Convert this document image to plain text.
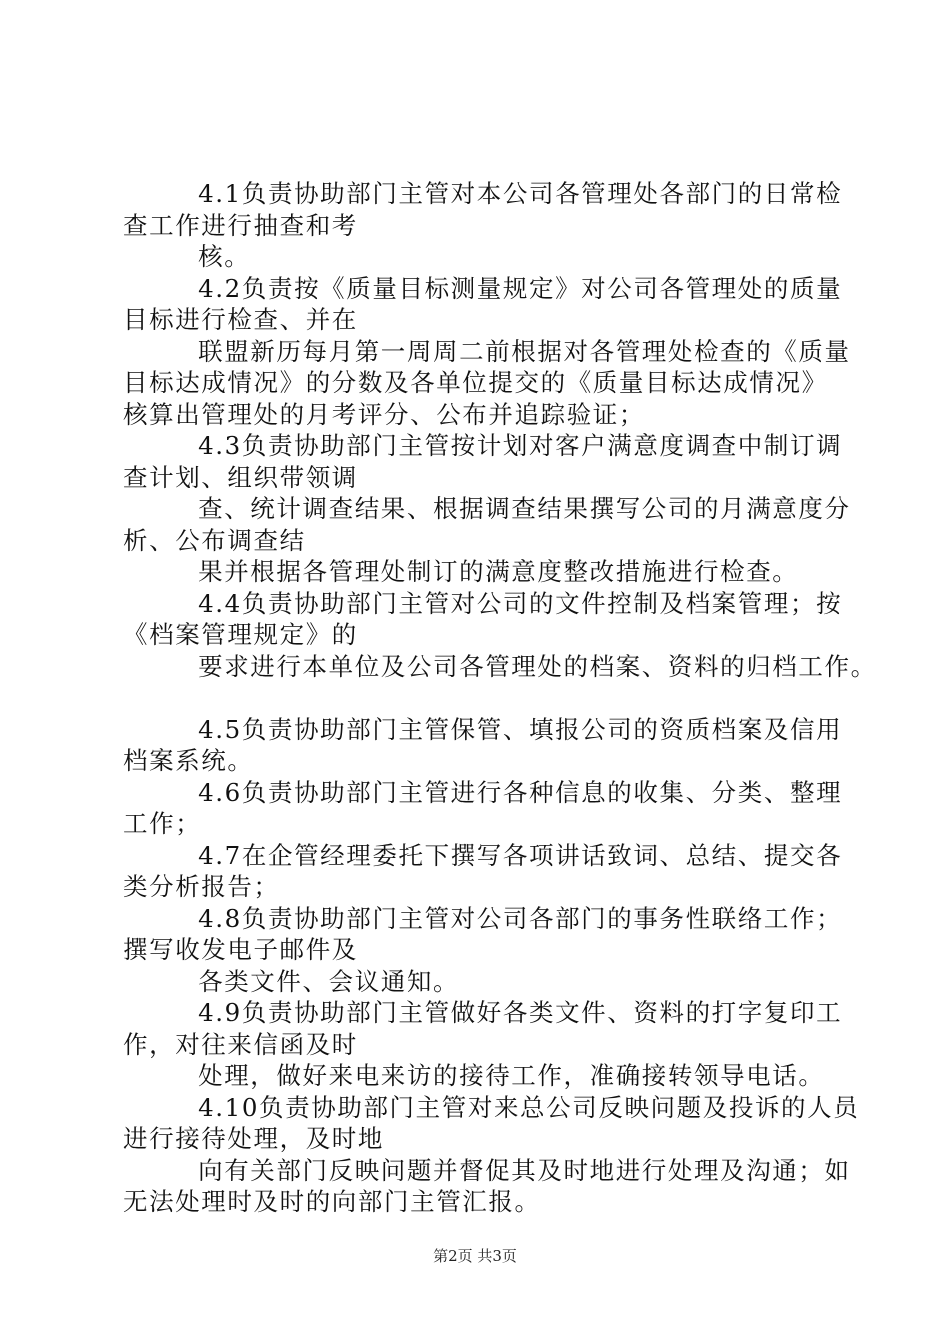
4.1负责协助部门主管对本公司各管理处各部门的日常检
查工作进行抽查和考
核。
4.2负责按《质量目标测量规定》对公司各管理处的质量
目标进行检查、并在
联盟新历每月第一周周二前根据对各管理处检查的《质量
目标达成情况》的分数及各单位提交的《质量目标达成情况》
核算出管理处的月考评分、公布并追踪验证；
4.3负责协助部门主管按计划对客户满意度调查中制订调
查计划、组织带领调
查、统计调查结果、根据调查结果撰写公司的月满意度分
析、公布调查结
果并根据各管理处制订的满意度整改措施进行检查。
4.4负责协助部门主管对公司的文件控制及档案管理；按
《档案管理规定》的
要求进行本单位及公司各管理处的档案、资料的归档工作。
4.5负责协助部门主管保管、填报公司的资质档案及信用
档案系统。
4.6负责协助部门主管进行各种信息的收集、分类、整理
工作；
4.7在企管经理委托下撰写各项讲话致词、总结、提交各
类分析报告；
4.8负责协助部门主管对公司各部门的事务性联络工作；
撰写收发电子邮件及
各类文件、会议通知。
4.9负责协助部门主管做好各类文件、资料的打字复印工
作，对往来信函及时
处理，做好来电来访的接待工作，准确接转领导电话。
4.10负责协助部门主管对来总公司反映问题及投诉的人员
进行接待处理，及时地
向有关部门反映问题并督促其及时地进行处理及沟通；如
无法处理时及时的向部门主管汇报。
第2页 共3页
